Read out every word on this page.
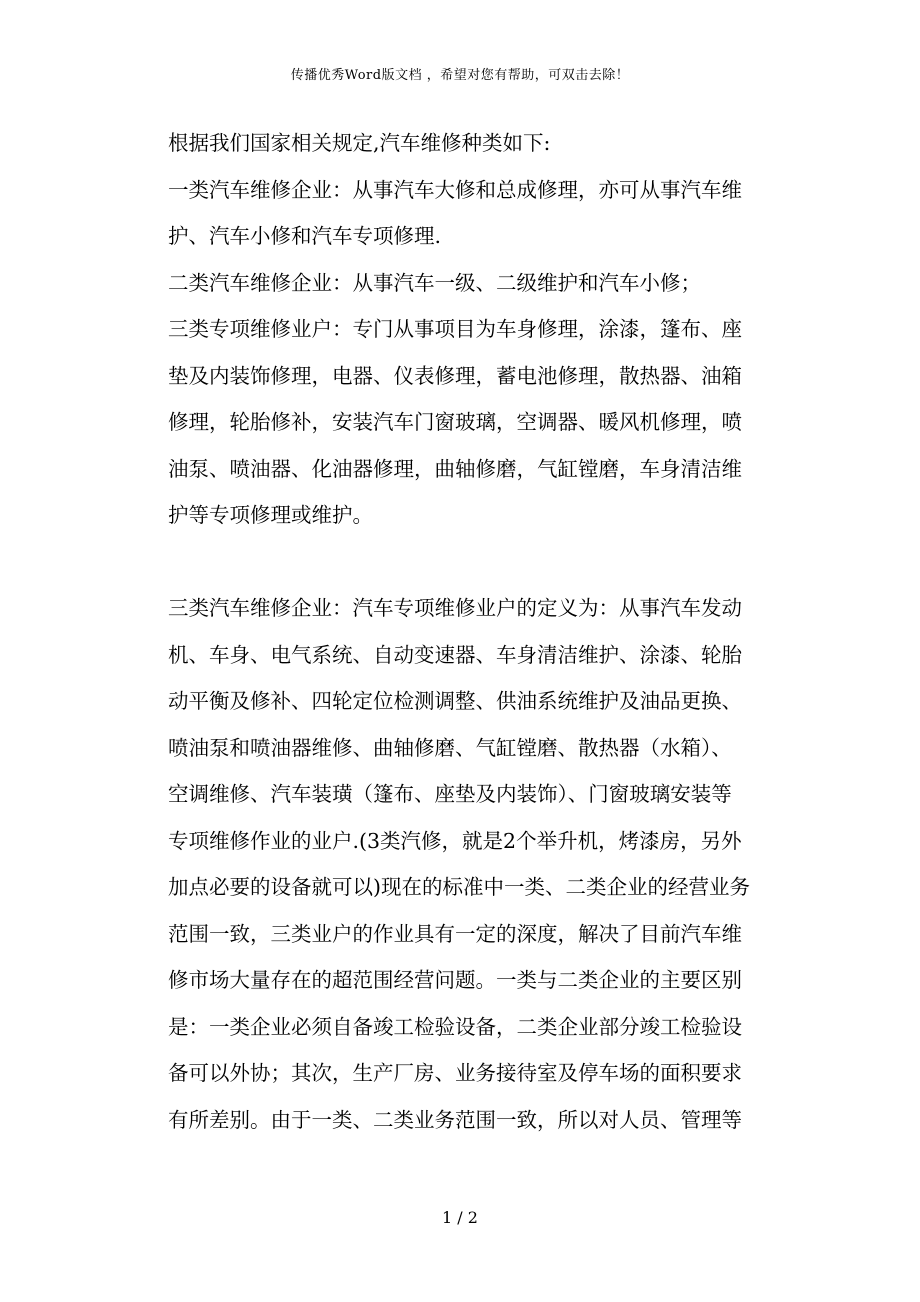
传播优秀Word版文档 ，希望对您有帮助，可双击去除！
根据我们国家相关规定,汽车维修种类如下:
一类汽车维修企业：从事汽车大修和总成修理，亦可从事汽车维
护、汽车小修和汽车专项修理.
二类汽车维修企业：从事汽车一级、二级维护和汽车小修；
三类专项维修业户：专门从事项目为车身修理，涂漆，篷布、座
垫及内装饰修理，电器、仪表修理，蓄电池修理，散热器、油箱
修理，轮胎修补，安装汽车门窗玻璃，空调器、暖风机修理，喷
油泵、喷油器、化油器修理，曲轴修磨，气缸镗磨，车身清洁维
护等专项修理或维护。
三类汽车维修企业：汽车专项维修业户的定义为：从事汽车发动
机、车身、电气系统、自动变速器、车身清洁维护、涂漆、轮胎
动平衡及修补、四轮定位检测调整、供油系统维护及油品更换、
喷油泵和喷油器维修、曲轴修磨、气缸镗磨、散热器（水箱）、
空调维修、汽车装璜（篷布、座垫及内装饰）、门窗玻璃安装等
专项维修作业的业户.(3类汽修，就是2个举升机，烤漆房，另外
加点必要的设备就可以)现在的标准中一类、二类企业的经营业务
范围一致，三类业户的作业具有一定的深度，解决了目前汽车维
修市场大量存在的超范围经营问题。一类与二类企业的主要区别
是：一类企业必须自备竣工检验设备，二类企业部分竣工检验设
备可以外协；其次，生产厂房、业务接待室及停车场的面积要求
有所差别。由于一类、二类业务范围一致，所以对人员、管理等
1 / 2
